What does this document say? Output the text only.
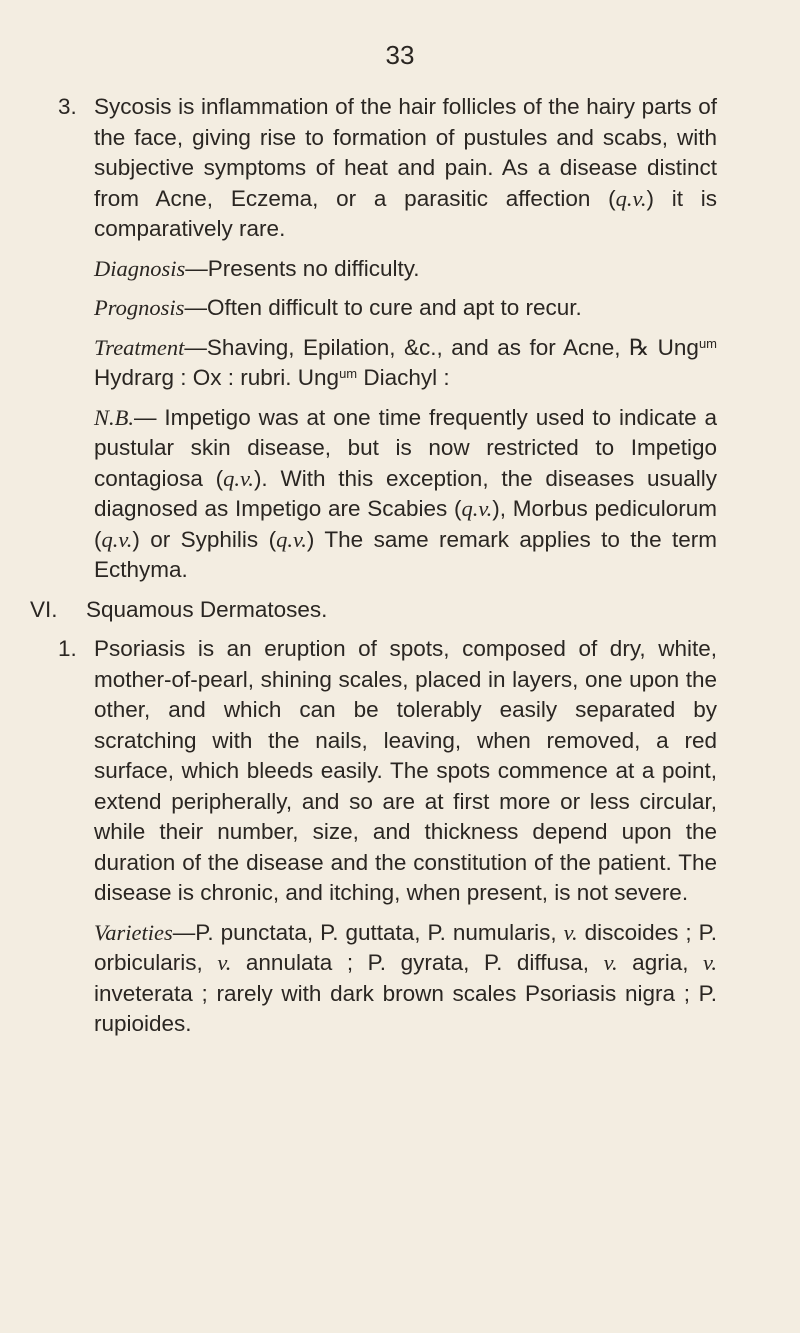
33

3. Sycosis is inflammation of the hair follicles of the hairy parts of the face, giving rise to formation of pustules and scabs, with subjective symptoms of heat and pain. As a disease distinct from Acne, Eczema, or a parasitic affection (q.v.) it is comparatively rare.

Diagnosis—Presents no difficulty.

Prognosis—Often difficult to cure and apt to recur.

Treatment—Shaving, Epilation, &c., and as for Acne, ℞ Ung$^{um}$ Hydrarg : Ox : rubri. Ung$^{um}$ Diachyl :

N.B.— Impetigo was at one time frequently used to indicate a pustular skin disease, but is now restricted to Impetigo contagiosa (q.v.). With this exception, the diseases usually diagnosed as Impetigo are Scabies (q.v.), Morbus pediculorum (q.v.) or Syphilis (q.v.) The same remark applies to the term Ecthyma.

VI. Squamous Dermatoses.

1. Psoriasis is an eruption of spots, composed of dry, white, mother-of-pearl, shining scales, placed in layers, one upon the other, and which can be tolerably easily separated by scratching with the nails, leaving, when removed, a red surface, which bleeds easily. The spots commence at a point, extend peripherally, and so are at first more or less circular, while their number, size, and thickness depend upon the duration of the disease and the constitution of the patient. The disease is chronic, and itching, when present, is not severe.

Varieties—P. punctata, P. guttata, P. numularis, v. discoides ; P. orbicularis, v. annulata ; P. gyrata, P. diffusa, v. agria, v. inveterata ; rarely with dark brown scales Psoriasis nigra ; P. rupioides.
